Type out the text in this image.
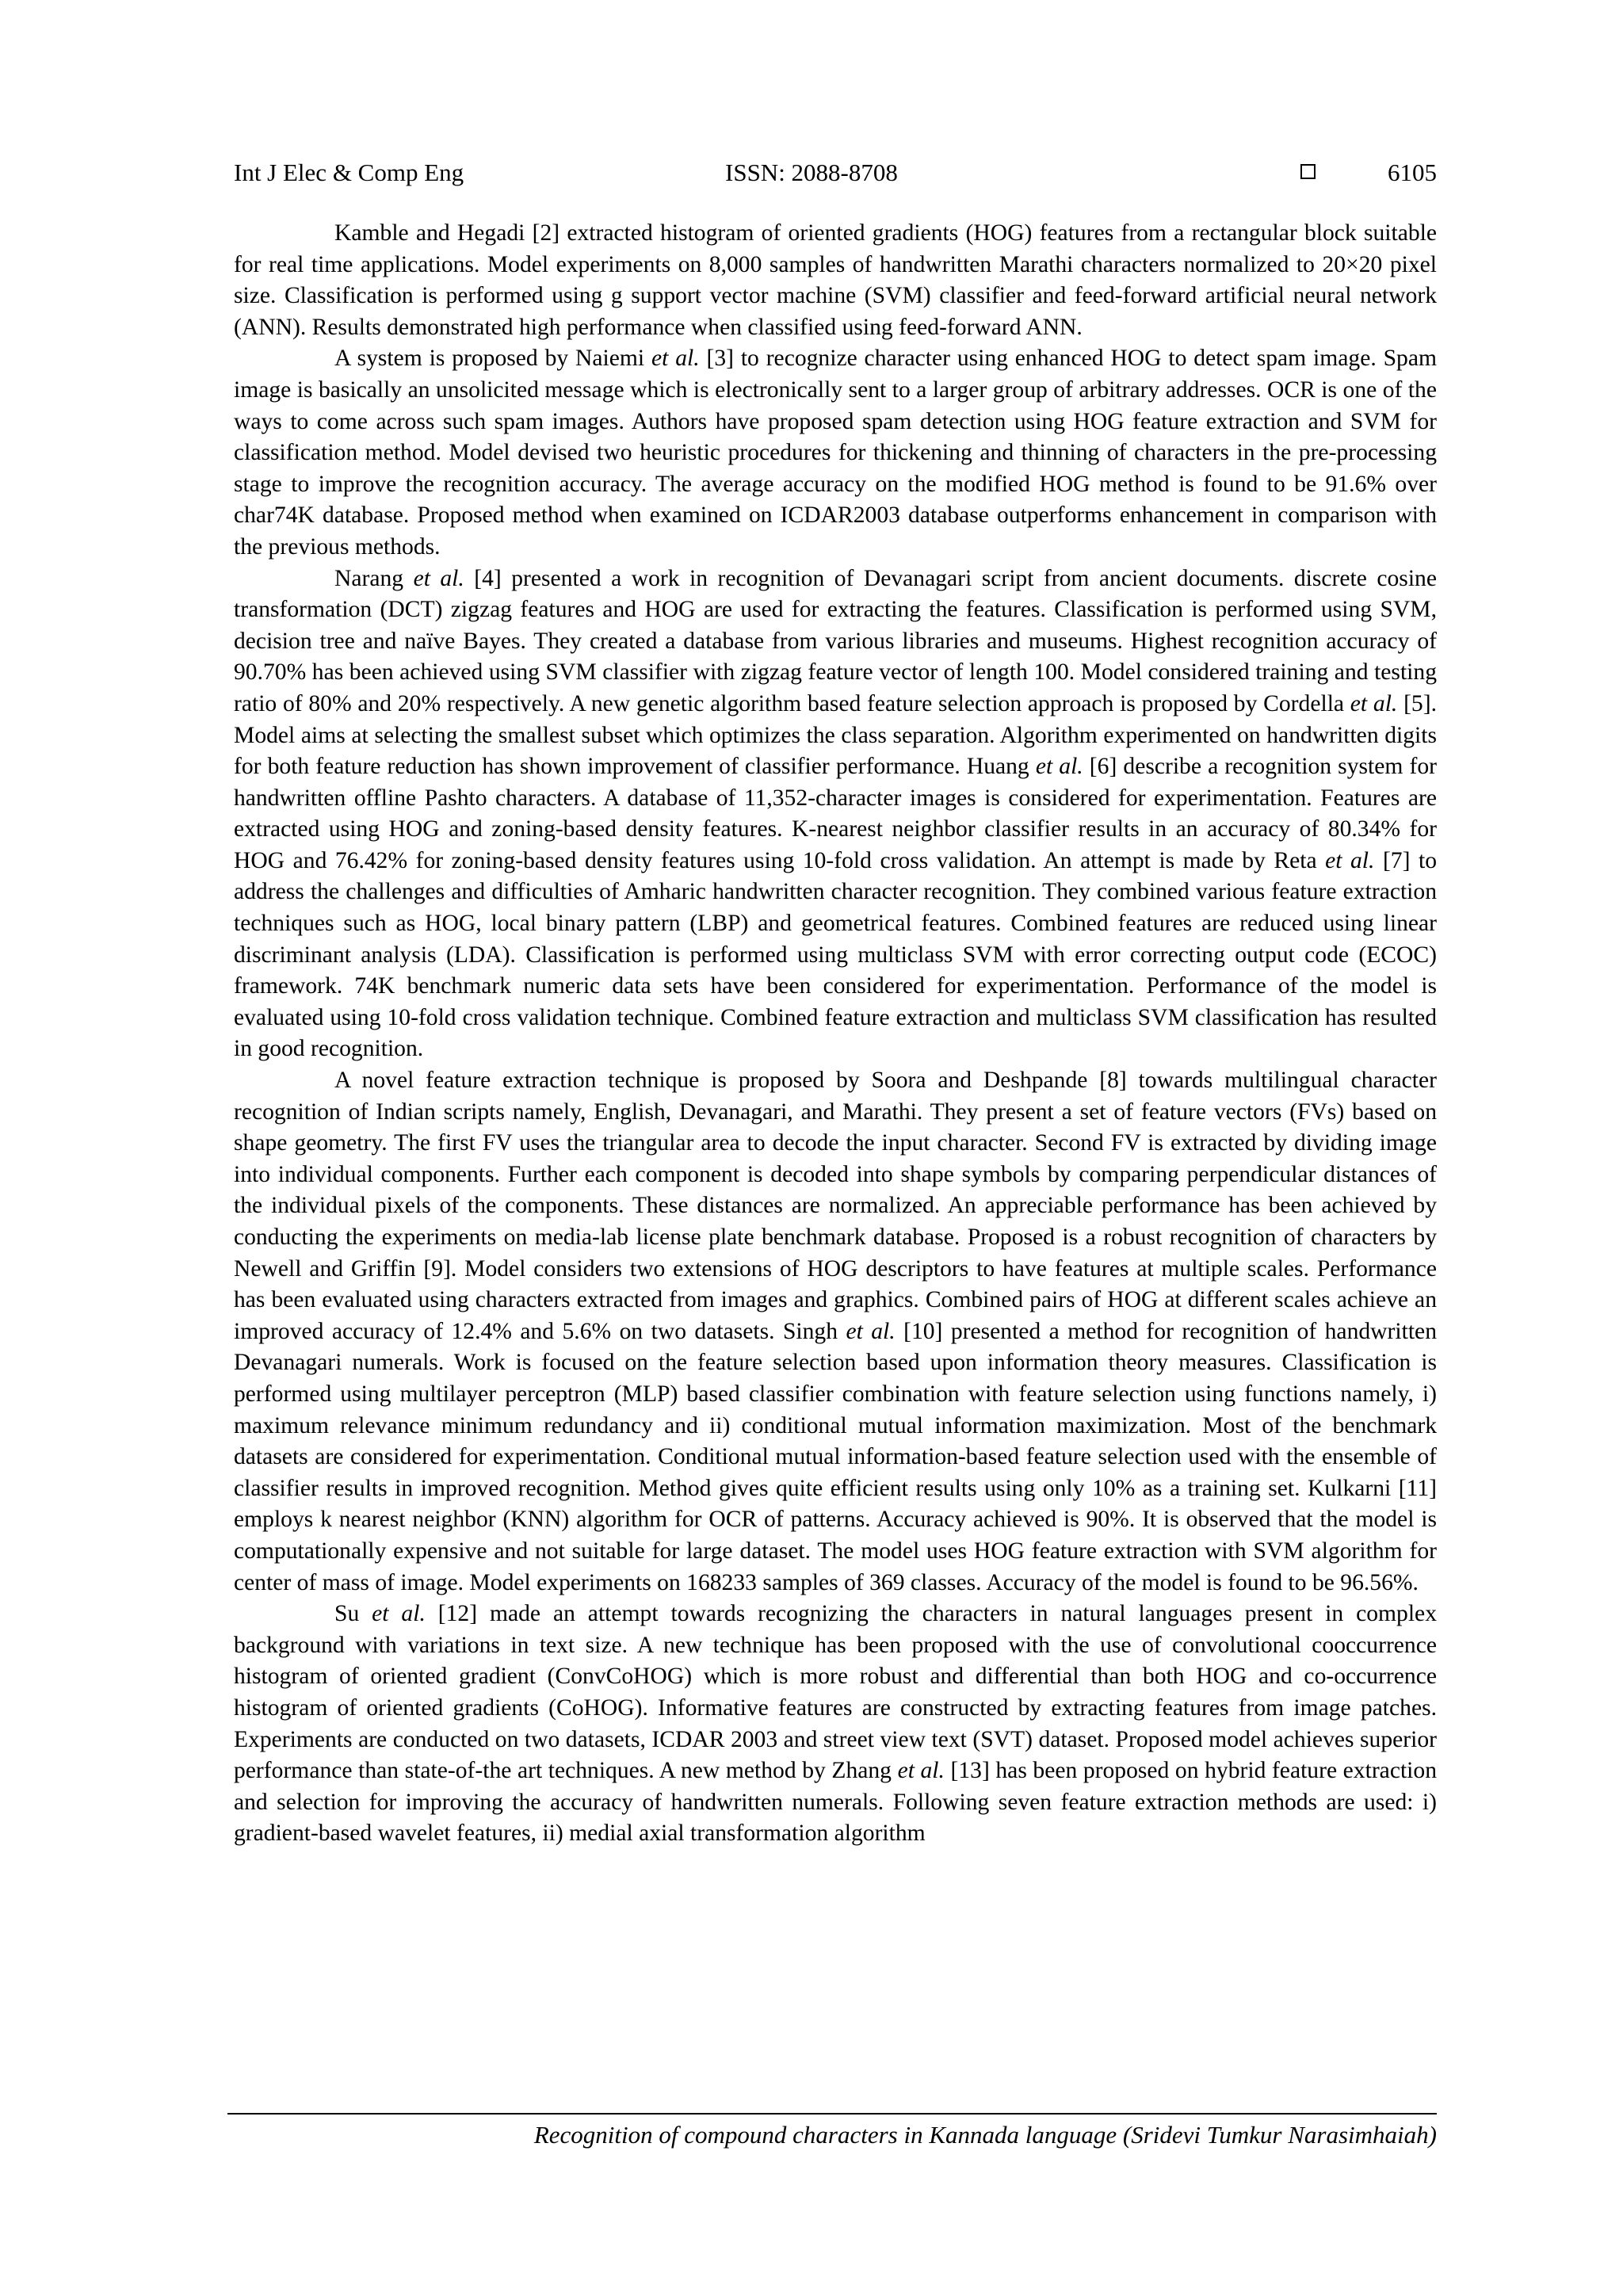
Int J Elec & Comp Eng	ISSN: 2088-8708	6105

Kamble and Hegadi [2] extracted histogram of oriented gradients (HOG) features from a rectangular block suitable for real time applications. Model experiments on 8,000 samples of handwritten Marathi characters normalized to 20×20 pixel size. Classification is performed using g support vector machine (SVM) classifier and feed-forward artificial neural network (ANN). Results demonstrated high performance when classified using feed-forward ANN.

A system is proposed by Naiemi et al. [3] to recognize character using enhanced HOG to detect spam image. Spam image is basically an unsolicited message which is electronically sent to a larger group of arbitrary addresses. OCR is one of the ways to come across such spam images. Authors have proposed spam detection using HOG feature extraction and SVM for classification method. Model devised two heuristic procedures for thickening and thinning of characters in the pre-processing stage to improve the recognition accuracy. The average accuracy on the modified HOG method is found to be 91.6% over char74K database. Proposed method when examined on ICDAR2003 database outperforms enhancement in comparison with the previous methods.

Narang et al. [4] presented a work in recognition of Devanagari script from ancient documents. discrete cosine transformation (DCT) zigzag features and HOG are used for extracting the features. Classification is performed using SVM, decision tree and naïve Bayes. They created a database from various libraries and museums. Highest recognition accuracy of 90.70% has been achieved using SVM classifier with zigzag feature vector of length 100. Model considered training and testing ratio of 80% and 20% respectively. A new genetic algorithm based feature selection approach is proposed by Cordella et al. [5]. Model aims at selecting the smallest subset which optimizes the class separation. Algorithm experimented on handwritten digits for both feature reduction has shown improvement of classifier performance. Huang et al. [6] describe a recognition system for handwritten offline Pashto characters. A database of 11,352-character images is considered for experimentation. Features are extracted using HOG and zoning-based density features. K-nearest neighbor classifier results in an accuracy of 80.34% for HOG and 76.42% for zoning-based density features using 10-fold cross validation. An attempt is made by Reta et al. [7] to address the challenges and difficulties of Amharic handwritten character recognition. They combined various feature extraction techniques such as HOG, local binary pattern (LBP) and geometrical features. Combined features are reduced using linear discriminant analysis (LDA). Classification is performed using multiclass SVM with error correcting output code (ECOC) framework. 74K benchmark numeric data sets have been considered for experimentation. Performance of the model is evaluated using 10-fold cross validation technique. Combined feature extraction and multiclass SVM classification has resulted in good recognition.

A novel feature extraction technique is proposed by Soora and Deshpande [8] towards multilingual character recognition of Indian scripts namely, English, Devanagari, and Marathi. They present a set of feature vectors (FVs) based on shape geometry. The first FV uses the triangular area to decode the input character. Second FV is extracted by dividing image into individual components. Further each component is decoded into shape symbols by comparing perpendicular distances of the individual pixels of the components. These distances are normalized. An appreciable performance has been achieved by conducting the experiments on media-lab license plate benchmark database. Proposed is a robust recognition of characters by Newell and Griffin [9]. Model considers two extensions of HOG descriptors to have features at multiple scales. Performance has been evaluated using characters extracted from images and graphics. Combined pairs of HOG at different scales achieve an improved accuracy of 12.4% and 5.6% on two datasets. Singh et al. [10] presented a method for recognition of handwritten Devanagari numerals. Work is focused on the feature selection based upon information theory measures. Classification is performed using multilayer perceptron (MLP) based classifier combination with feature selection using functions namely, i) maximum relevance minimum redundancy and ii) conditional mutual information maximization. Most of the benchmark datasets are considered for experimentation. Conditional mutual information-based feature selection used with the ensemble of classifier results in improved recognition. Method gives quite efficient results using only 10% as a training set. Kulkarni [11] employs k nearest neighbor (KNN) algorithm for OCR of patterns. Accuracy achieved is 90%. It is observed that the model is computationally expensive and not suitable for large dataset. The model uses HOG feature extraction with SVM algorithm for center of mass of image. Model experiments on 168233 samples of 369 classes. Accuracy of the model is found to be 96.56%.

Su et al. [12] made an attempt towards recognizing the characters in natural languages present in complex background with variations in text size. A new technique has been proposed with the use of convolutional cooccurrence histogram of oriented gradient (ConvCoHOG) which is more robust and differential than both HOG and co-occurrence histogram of oriented gradients (CoHOG). Informative features are constructed by extracting features from image patches. Experiments are conducted on two datasets, ICDAR 2003 and street view text (SVT) dataset. Proposed model achieves superior performance than state-of-the art techniques. A new method by Zhang et al. [13] has been proposed on hybrid feature extraction and selection for improving the accuracy of handwritten numerals. Following seven feature extraction methods are used: i) gradient-based wavelet features, ii) medial axial transformation algorithm

Recognition of compound characters in Kannada language (Sridevi Tumkur Narasimhaiah)
